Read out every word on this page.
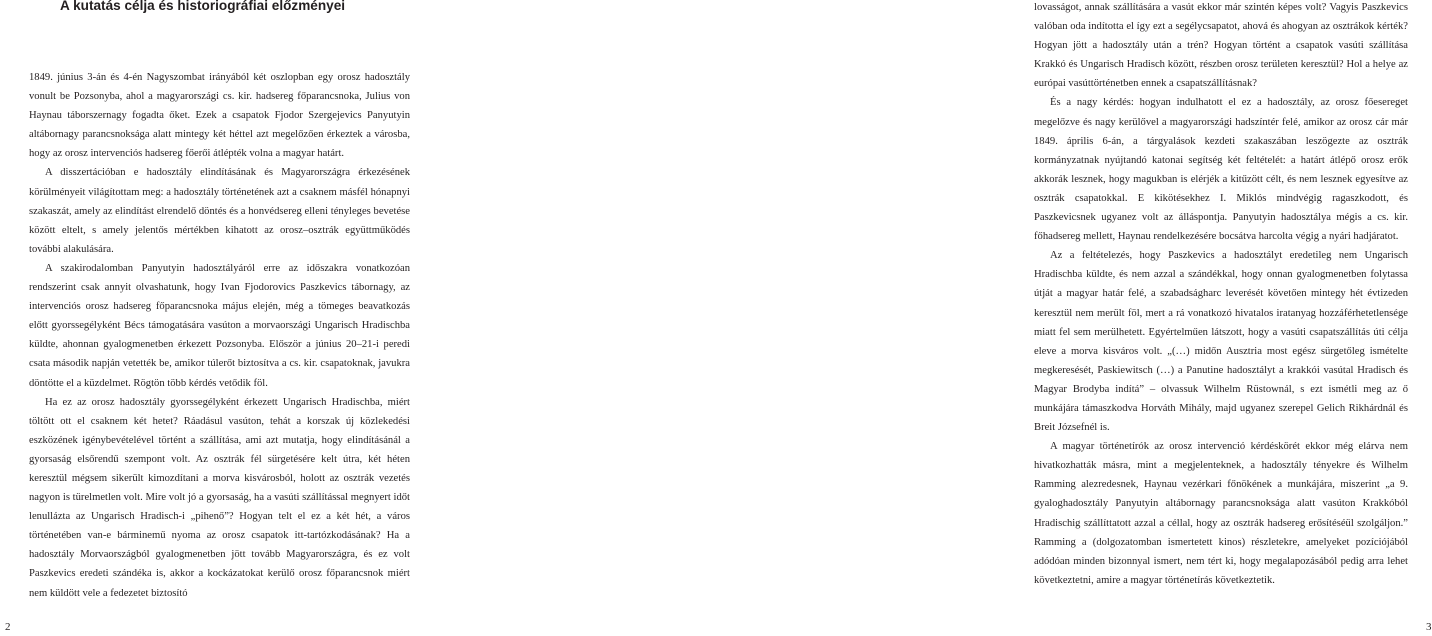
A kutatás célja és historiográfiai előzményei

1849. június 3-án és 4-én Nagyszombat irányából két oszlopban egy orosz hadosztály vonult be Pozsonyba, ahol a magyarországi cs. kir. hadsereg főparancsnoka, Julius von Haynau táborszernagy fogadta őket. Ezek a csapatok Fjodor Szergejevics Panyutyin altábornagy parancsnoksága alatt mintegy két héttel azt megelőzően érkeztek a városba, hogy az orosz intervenciós hadsereg főerői átlépték volna a magyar határt.

A disszertációban e hadosztály elindításának és Magyarországra érkezésének körülményeit világítottam meg: a hadosztály történetének azt a csaknem másfél hónapnyi szakaszát, amely az elindítást elrendelő döntés és a honvédsereg elleni tényleges bevetése között eltelt, s amely jelentős mértékben kihatott az orosz–osztrák együttműködés további alakulására.

A szakirodalomban Panyutyin hadosztályáról erre az időszakra vonatkozóan rendszerint csak annyit olvashatunk, hogy Ivan Fjodorovics Paszkevics tábornagy, az intervenciós orosz hadsereg főparancsnoka május elején, még a tömeges beavatkozás előtt gyorssegélyként Bécs támogatására vasúton a morvaországi Ungarisch Hradischba küldte, ahonnan gyalogmenetben érkezett Pozsonyba. Először a június 20–21-i peredi csata második napján vetették be, amikor túlerőt biztosítva a cs. kir. csapatoknak, javukra döntötte el a küzdelmet. Rögtön több kérdés vetődik föl.

Ha ez az orosz hadosztály gyorssegélyként érkezett Ungarisch Hradischba, miért töltött ott el csaknem két hetet? Ráadásul vasúton, tehát a korszak új közlekedési eszközének igénybevételével történt a szállítása, ami azt mutatja, hogy elindításánál a gyorsaság elsőrendű szempont volt. Az osztrák fél sürgetésére kelt útra, két héten keresztül mégsem sikerült kimozdítani a morva kisvárosból, holott az osztrák vezetés nagyon is türelmetlen volt. Mire volt jó a gyorsaság, ha a vasúti szállítással megnyert időt lenullázta az Ungarisch Hradisch-i „pihenő”? Hogyan telt el ez a két hét, a város történetében van-e bárminemű nyoma az orosz csapatok itt-tartózkodásának? Ha a hadosztály Morvaországból gyalogmenetben jött tovább Magyarországra, és ez volt Paszkevics eredeti szándéka is, akkor a kockázatokat kerülő orosz főparancsnok miért nem küldött vele a fedezetet biztosító

2

lovasságot, annak szállítására a vasút ekkor már szintén képes volt? Vagyis Paszkevics valóban oda indította el így ezt a segélycsapatot, ahová és ahogyan az osztrákok kérték? Hogyan jött a hadosztály után a trén? Hogyan történt a csapatok vasúti szállítása Krakkó és Ungarisch Hradisch között, részben orosz területen keresztül? Hol a helye az európai vasúttörténetben ennek a csapatszállításnak?

És a nagy kérdés: hogyan indulhatott el ez a hadosztály, az orosz főesereget megelőzve és nagy kerülővel a magyarországi hadszíntér felé, amikor az orosz cár már 1849. április 6-án, a tárgyalások kezdeti szakaszában leszögezte az osztrák kormányzatnak nyújtandó katonai segítség két feltételét: a határt átlépő orosz erők akkorák lesznek, hogy magukban is elérjék a kitűzött célt, és nem lesznek egyesítve az osztrák csapatokkal. E kikötésekhez I. Miklós mindvégig ragaszkodott, és Paszkevicsnek ugyanez volt az álláspontja. Panyutyin hadosztálya mégis a cs. kir. főhadsereg mellett, Haynau rendelkezésére bocsátva harcolta végig a nyári hadjáratot.

Az a feltételezés, hogy Paszkevics a hadosztályt eredetileg nem Ungarisch Hradischba küldte, és nem azzal a szándékkal, hogy onnan gyalogmenetben folytassa útját a magyar határ felé, a szabadságharc leverését követően mintegy hét évtizeden keresztül nem merült föl, mert a rá vonatkozó hivatalos iratanyag hozzáférhetetlensége miatt fel sem merülhetett. Egyértelműen látszott, hogy a vasúti csapatszállítás úti célja eleve a morva kisváros volt. „(…) midőn Ausztria most egész sürgetőleg ismételte megkeresését, Paskiewitsch (…) a Panutine hadosztályt a krakkói vasútal Hradisch és Magyar Brodyba indítá” – olvassuk Wilhelm Rüstownál, s ezt ismétli meg az ő munkájára támaszkodva Horváth Mihály, majd ugyanez szerepel Gelich Rikhárdnál és Breit Józsefnél is.

A magyar történetírók az orosz intervenció kérdéskörét ekkor még elárva nem hivatkozhatták másra, mint a megjelenteknek, a hadosztály tényekre és Wilhelm Ramming alezredesnek, Haynau vezérkari főnökének a munkájára, miszerint „a 9. gyaloghadosztály Panyutyin altábornagy parancsnoksága alatt vasúton Krakkóból Hradischig szállíttatott azzal a céllal, hogy az osztrák hadsereg erősítéséül szolgáljon.” Ramming a (dolgozatomban ismertetett kinos) részletekre, amelyeket pozíciójából adódóan minden bizonnyal ismert, nem tért ki, hogy megalapozásából pedig arra lehet következtetni, amire a magyar történetírás következtetik.

3
